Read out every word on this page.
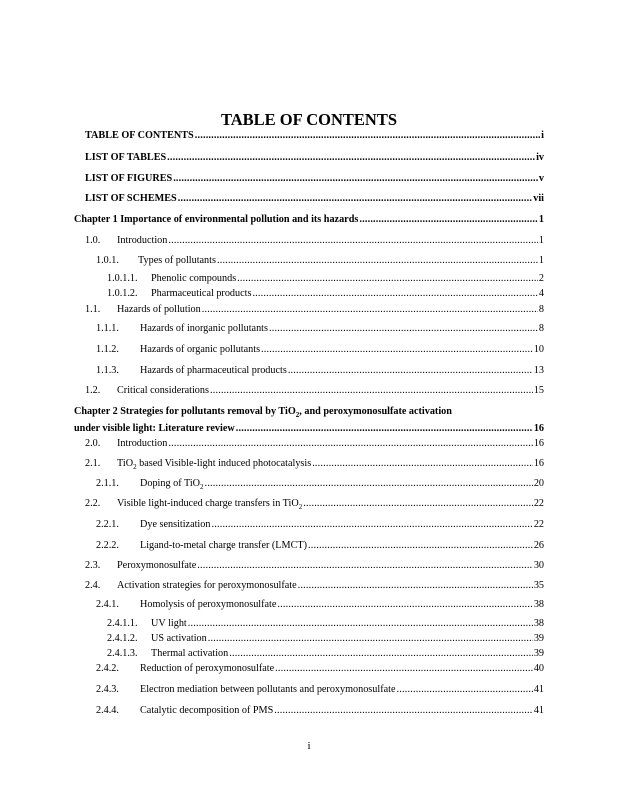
TABLE OF CONTENTS
TABLE OF CONTENTS .....	i
LIST OF TABLES .....	iv
LIST OF FIGURES .....	v
LIST OF SCHEMES .....	vii
Chapter 1 Importance of environmental pollution and its hazards .....	1
1.0.	Introduction .....	1
1.0.1.	Types of pollutants .....	1
1.0.1.1.	Phenolic compounds .....	2
1.0.1.2.	Pharmaceutical products .....	4
1.1.	Hazards of pollution .....	8
1.1.1.	Hazards of inorganic pollutants .....	8
1.1.2.	Hazards of organic pollutants .....	10
1.1.3.	Hazards of pharmaceutical products .....	13
1.2.	Critical considerations .....	15
Chapter 2 Strategies for pollutants removal by TiO$_2$, and peroxymonosulfate activation
under visible light: Literature review .....	16
2.0.	Introduction .....	16
2.1.	TiO$_2$ based Visible-light induced photocatalysis .....	16
2.1.1.	Doping of TiO$_2$ .....	20
2.2.	Visible light-induced charge transfers in TiO$_2$ .....	22
2.2.1.	Dye sensitization .....	22
2.2.2.	Ligand-to-metal charge transfer (LMCT) .....	26
2.3.	Peroxymonosulfate .....	30
2.4.	Activation strategies for peroxymonosulfate .....	35
2.4.1.	Homolysis of peroxymonosulfate .....	38
2.4.1.1.	UV light .....	38
2.4.1.2.	US activation .....	39
2.4.1.3.	Thermal activation .....	39
2.4.2.	Reduction of peroxymonosulfate .....	40
2.4.3.	Electron mediation between pollutants and peroxymonosulfate .....	41
2.4.4.	Catalytic decomposition of PMS .....	41
i
